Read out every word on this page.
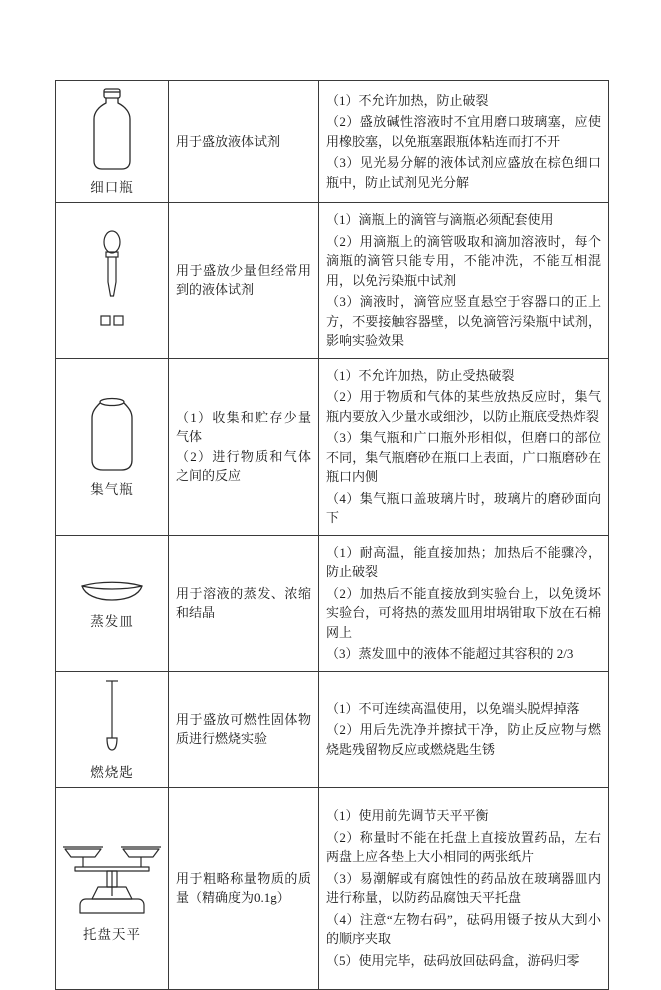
细口瓶

用于盛放液体试剂

（1）不允许加热，防止破裂

（2）盛放碱性溶液时不宜用磨口玻璃塞，应使用橡胶塞，以免瓶塞跟瓶体粘连而打不开

（3）见光易分解的液体试剂应盛放在棕色细口瓶中，防止试剂见光分解

用于盛放少量但经常用到的液体试剂

（1）滴瓶上的滴管与滴瓶必须配套使用

（2）用滴瓶上的滴管吸取和滴加溶液时，每个滴瓶的滴管只能专用，不能冲洗，不能互相混用，以免污染瓶中试剂

（3）滴液时，滴管应竖直悬空于容器口的正上方，不要接触容器壁，以免滴管污染瓶中试剂，影响实验效果

集气瓶

（1）收集和贮存少量气体

（2）进行物质和气体之间的反应

（1）不允许加热，防止受热破裂

（2）用于物质和气体的某些放热反应时，集气瓶内要放入少量水或细沙，以防止瓶底受热炸裂

（3）集气瓶和广口瓶外形相似，但磨口的部位不同，集气瓶磨砂在瓶口上表面，广口瓶磨砂在瓶口内侧

（4）集气瓶口盖玻璃片时，玻璃片的磨砂面向下

蒸发皿

用于溶液的蒸发、浓缩和结晶

（1）耐高温，能直接加热；加热后不能骤冷，防止破裂

（2）加热后不能直接放到实验台上，以免烫坏实验台，可将热的蒸发皿用坩埚钳取下放在石棉网上

（3）蒸发皿中的液体不能超过其容积的 2/3

燃烧匙

用于盛放可燃性固体物质进行燃烧实验

（1）不可连续高温使用，以免端头脱焊掉落

（2）用后先洗净并擦拭干净，防止反应物与燃烧匙残留物反应或燃烧匙生锈

托盘天平

用于粗略称量物质的质量（精确度为0.1g）

（1）使用前先调节天平平衡

（2）称量时不能在托盘上直接放置药品，左右两盘上应各垫上大小相同的两张纸片

（3）易潮解或有腐蚀性的药品放在玻璃器皿内进行称量，以防药品腐蚀天平托盘

（4）注意“左物右码”，砝码用镊子按从大到小的顺序夹取

（5）使用完毕，砝码放回砝码盒，游码归零
